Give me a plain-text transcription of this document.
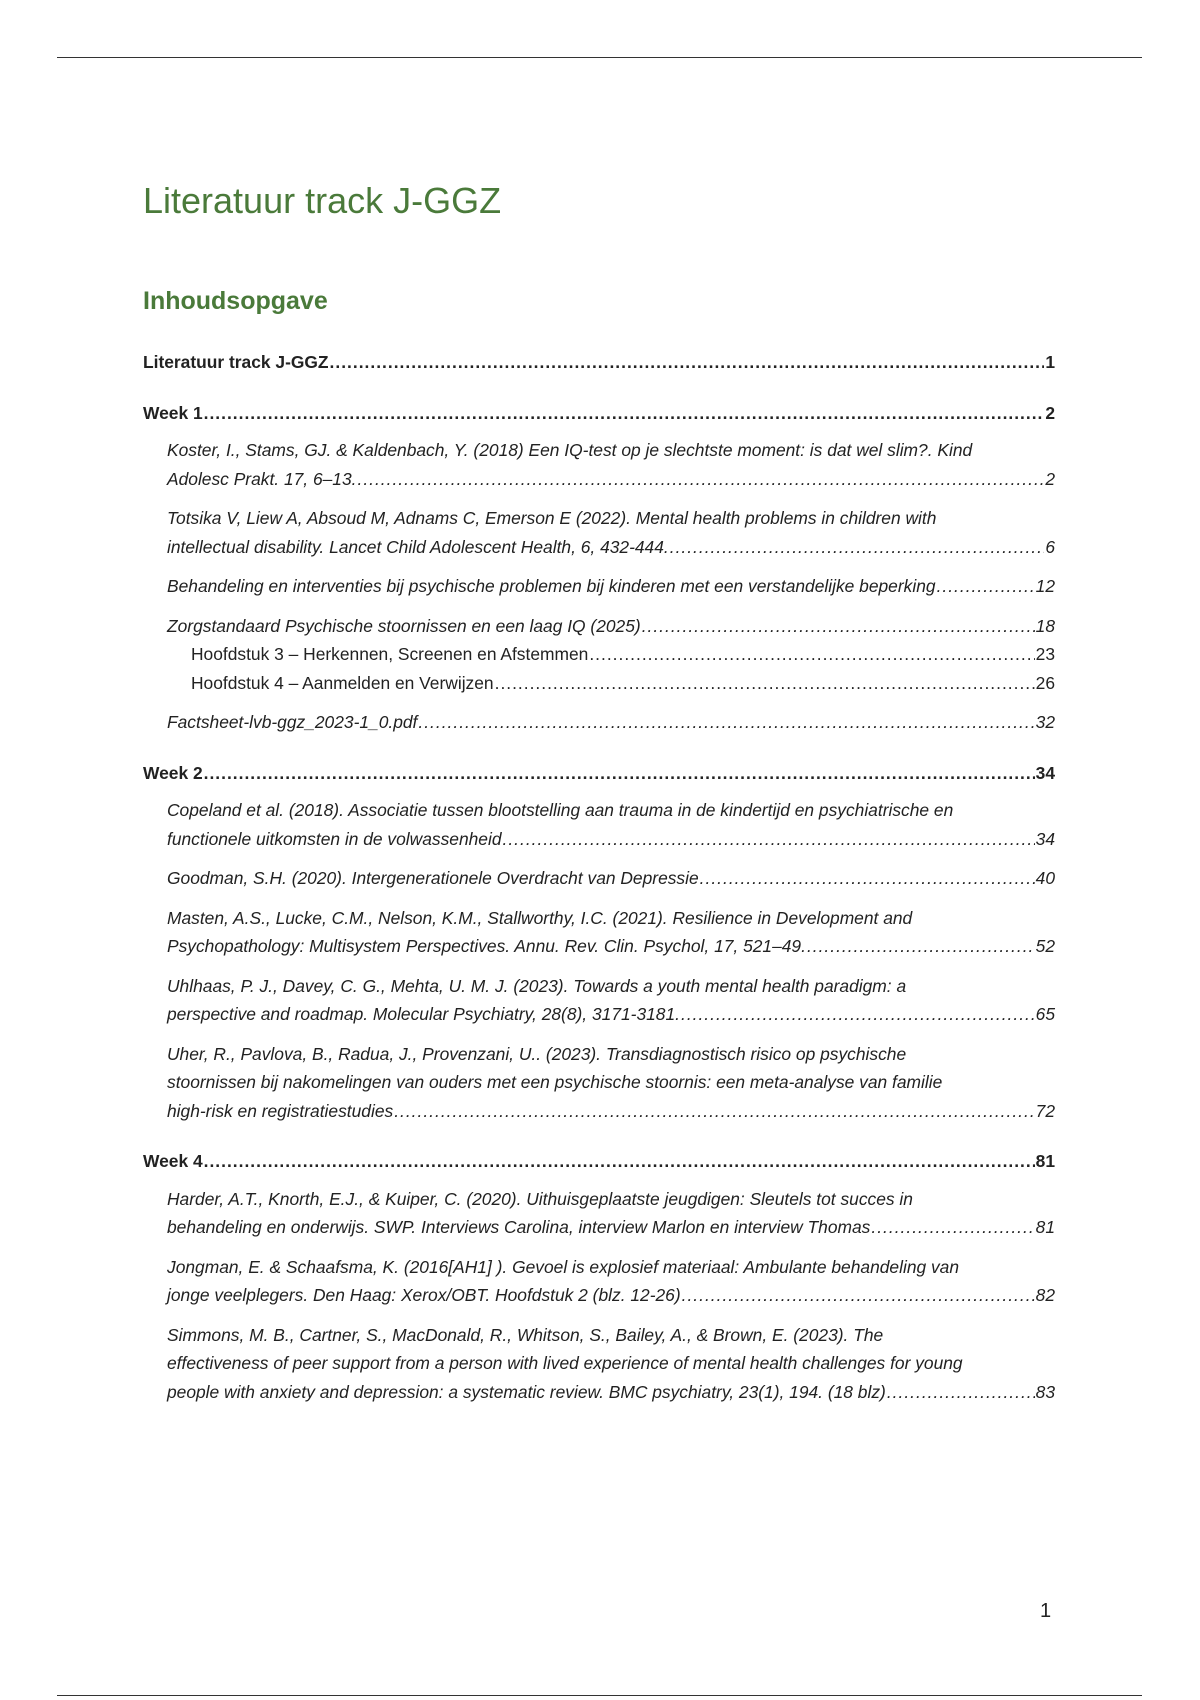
Literatuur track J-GGZ
Inhoudsopgave
Literatuur track J-GGZ .....	1
Week 1 .....	2
Koster, I., Stams, GJ. & Kaldenbach, Y. (2018) Een IQ-test op je slechtste moment: is dat wel slim?. Kind
Adolesc Prakt. 17, 6–13. .....	2
Totsika V, Liew A, Absoud M, Adnams C, Emerson E (2022). Mental health problems in children with
intellectual disability. Lancet Child Adolescent Health, 6, 432-444. .....	6
Behandeling en interventies bij psychische problemen bij kinderen met een verstandelijke beperking .....	12
Zorgstandaard Psychische stoornissen en een laag IQ (2025) .....	18
Hoofdstuk 3 – Herkennen, Screenen en Afstemmen .....	23
Hoofdstuk 4 – Aanmelden en Verwijzen .....	26
Factsheet-lvb-ggz_2023-1_0.pdf .....	32
Week 2 .....	34
Copeland et al. (2018). Associatie tussen blootstelling aan trauma in de kindertijd en psychiatrische en
functionele uitkomsten in de volwassenheid .....	34
Goodman, S.H. (2020). Intergenerationele Overdracht van Depressie .....	40
Masten, A.S., Lucke, C.M., Nelson, K.M., Stallworthy, I.C. (2021). Resilience in Development and
Psychopathology: Multisystem Perspectives. Annu. Rev. Clin. Psychol, 17, 521–49. .....	52
Uhlhaas, P. J., Davey, C. G., Mehta, U. M. J. (2023). Towards a youth mental health paradigm: a
perspective and roadmap. Molecular Psychiatry, 28(8), 3171-3181. .....	65
Uher, R., Pavlova, B., Radua, J., Provenzani, U.. (2023). Transdiagnostisch risico op psychische
stoornissen bij nakomelingen van ouders met een psychische stoornis: een meta-analyse van familie
high-risk en registratiestudies .....	72
Week 4 .....	81
Harder, A.T., Knorth, E.J., & Kuiper, C. (2020). Uithuisgeplaatste jeugdigen: Sleutels tot succes in
behandeling en onderwijs. SWP. Interviews Carolina, interview Marlon en interview Thomas .....	81
Jongman, E. & Schaafsma, K. (2016[AH1] ). Gevoel is explosief materiaal: Ambulante behandeling van
jonge veelplegers. Den Haag: Xerox/OBT. Hoofdstuk 2 (blz. 12-26) .....	82
Simmons, M. B., Cartner, S., MacDonald, R., Whitson, S., Bailey, A., & Brown, E. (2023). The
effectiveness of peer support from a person with lived experience of mental health challenges for young
people with anxiety and depression: a systematic review. BMC psychiatry, 23(1), 194. (18 blz) .....	83
1
